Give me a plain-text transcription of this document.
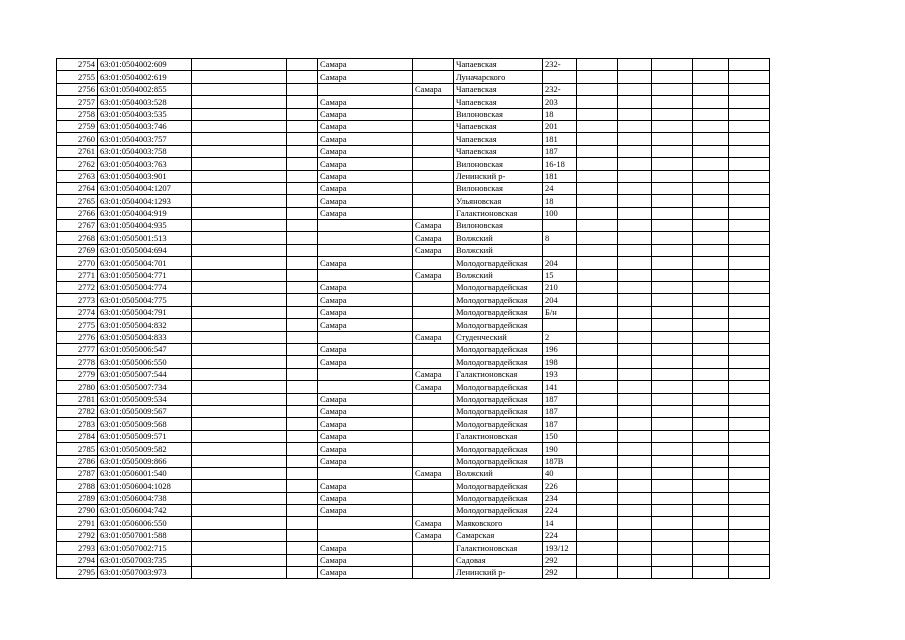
2754	63:01:0504002:609			Самара		Чапаевская	232-					
2755	63:01:0504002:619			Самара		Луначарского						
2756	63:01:0504002:855				Самара	Чапаевская	232-					
2757	63:01:0504003:528			Самара		Чапаевская	203					
2758	63:01:0504003:535			Самара		Вилоновская	18					
2759	63:01:0504003:746			Самара		Чапаевская	201					
2760	63:01:0504003:757			Самара		Чапаевская	181					
2761	63:01:0504003:758			Самара		Чапаевская	187					
2762	63:01:0504003:763			Самара		Вилоновская	16-18					
2763	63:01:0504003:901			Самара		Ленинский р-	181					
2764	63:01:0504004:1207			Самара		Вилоновская	24					
2765	63:01:0504004:1293			Самара		Ульяновская	18					
2766	63:01:0504004:919			Самара		Галактионовская	100					
2767	63:01:0504004:935				Самара	Вилоновская						
2768	63:01:0505001:513				Самара	Волжский	8					
2769	63:01:0505004:694				Самара	Волжский						
2770	63:01:0505004:701			Самара		Молодогвардейская	204					
2771	63:01:0505004:771				Самара	Волжский	15					
2772	63:01:0505004:774			Самара		Молодогвардейская	210					
2773	63:01:0505004:775			Самара		Молодогвардейская	204					
2774	63:01:0505004:791			Самара		Молодогвардейская	Б/н					
2775	63:01:0505004:832			Самара		Молодогвардейская						
2776	63:01:0505004:833				Самара	Студенческий	2					
2777	63:01:0505006:547			Самара		Молодогвардейская	196					
2778	63:01:0505006:550			Самара		Молодогвардейская	198					
2779	63:01:0505007:544				Самара	Галактионовская	193					
2780	63:01:0505007:734				Самара	Молодогвардейская	141					
2781	63:01:0505009:534			Самара		Молодогвардейская	187					
2782	63:01:0505009:567			Самара		Молодогвардейская	187					
2783	63:01:0505009:568			Самара		Молодогвардейская	187					
2784	63:01:0505009:571			Самара		Галактионовская	150					
2785	63:01:0505009:582			Самара		Молодогвардейская	190					
2786	63:01:0505009:866			Самара		Молодогвардейская	187В					
2787	63:01:0506001:540				Самара	Волжский	40					
2788	63:01:0506004:1028			Самара		Молодогвардейская	226					
2789	63:01:0506004:738			Самара		Молодогвардейская	234					
2790	63:01:0506004:742			Самара		Молодогвардейская	224					
2791	63:01:0506006:550				Самара	Маяковского	14					
2792	63:01:0507001:588				Самара	Самарская	224					
2793	63:01:0507002:715			Самара		Галактионовская	193/12					
2794	63:01:0507003:735			Самара		Садовая	292					
2795	63:01:0507003:973			Самара		Ленинский р-	292					
